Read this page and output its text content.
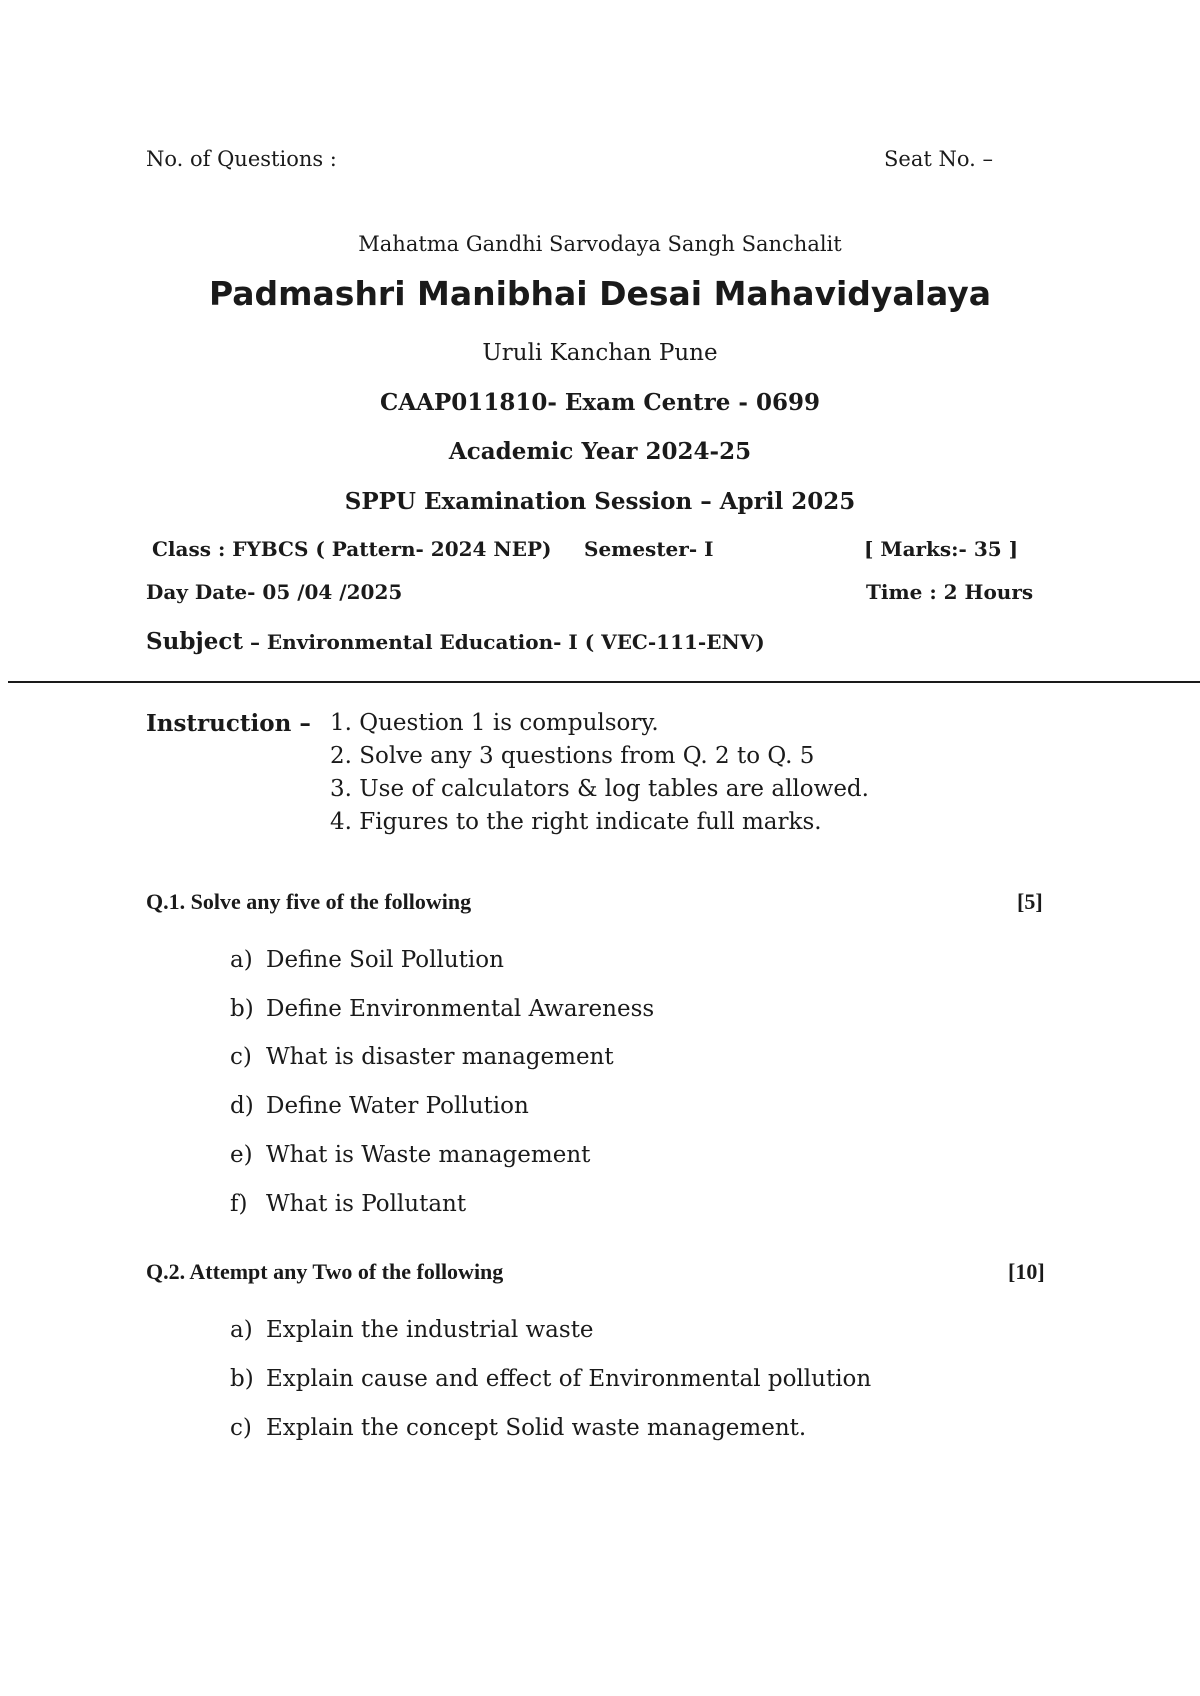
No. of Questions :	Seat No. –
Mahatma Gandhi Sarvodaya Sangh Sanchalit
Padmashri Manibhai Desai Mahavidyalaya
Uruli Kanchan Pune
CAAP011810- Exam Centre - 0699
Academic Year 2024-25
SPPU Examination Session – April 2025
Class : FYBCS ( Pattern- 2024 NEP) Semester- I	[ Marks:- 35 ]
Day Date- 05 /04 /2025	Time : 2 Hours
Subject – Environmental Education- I ( VEC-111-ENV)
Instruction – 1. Question 1 is compulsory.
2. Solve any 3 questions from Q. 2 to Q. 5
3. Use of calculators & log tables are allowed.
4. Figures to the right indicate full marks.
Q.1. Solve any five of the following	[5]
a) Define Soil Pollution
b) Define Environmental Awareness
c) What is disaster management
d) Define Water Pollution
e) What is Waste management
f) What is Pollutant
Q.2. Attempt any Two of the following	[10]
a) Explain the industrial waste
b) Explain cause and effect of Environmental pollution
c) Explain the concept Solid waste management.
